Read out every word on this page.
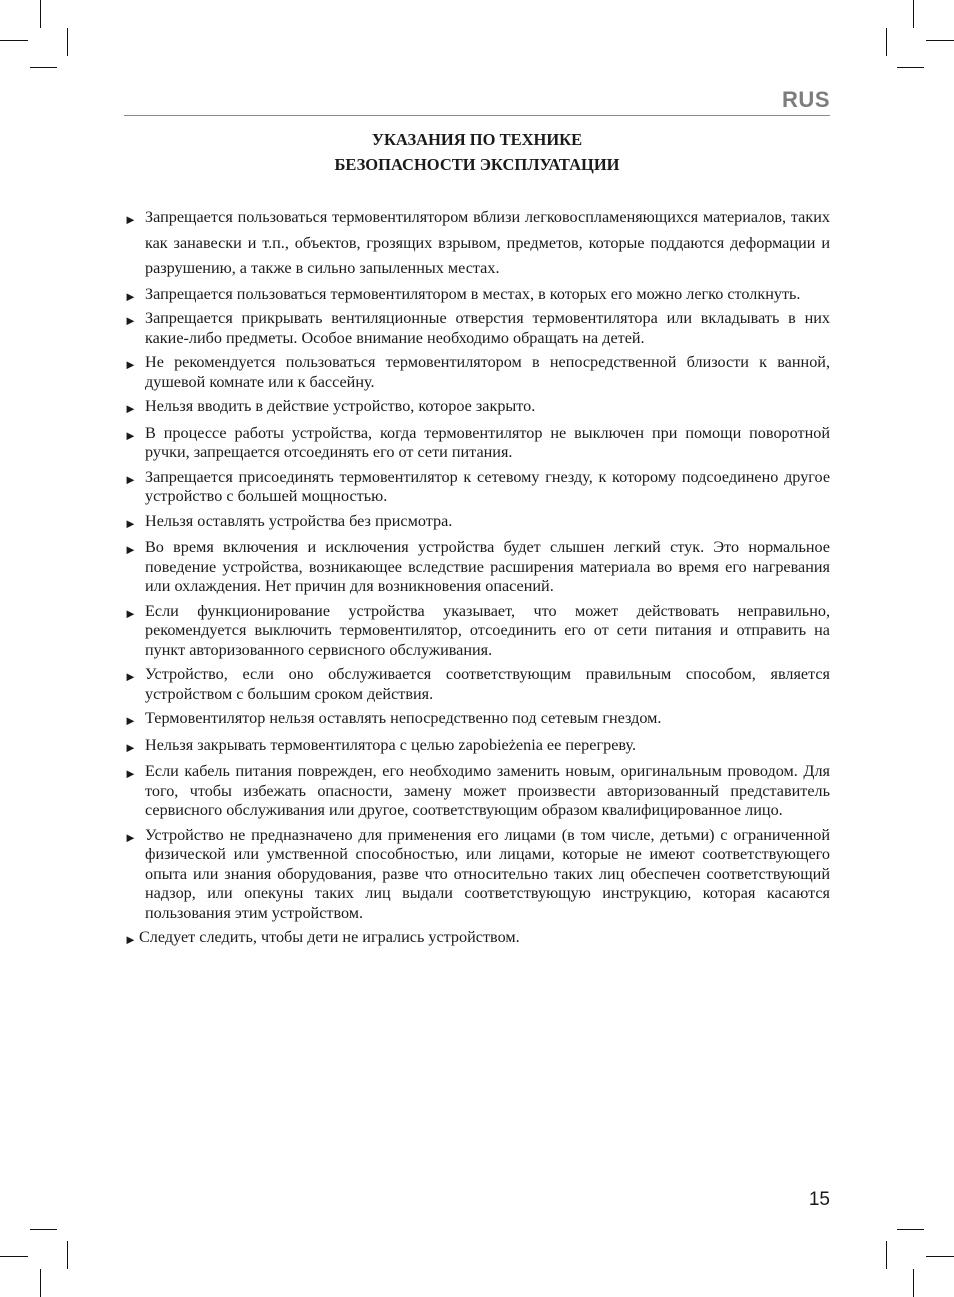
RUS
УКАЗАНИЯ ПО ТЕХНИКЕ
БЕЗОПАСНОСТИ ЭКСПЛУАТАЦИИ
► Запрещается пользоваться термовентилятором вблизи легковоспламеняющихся материалов, таких как занавески и т.п., объектов, грозящих взрывом, предметов, которые поддаются деформации и разрушению, а также в сильно запыленных местах.
► Запрещается пользоваться термовентилятором в местах, в которых его можно легко столкнуть.
► Запрещается прикрывать вентиляционные отверстия термовентилятора или вкладывать в них какие-либо предметы. Особое внимание необходимо обращать на детей.
► Не рекомендуется пользоваться термовентилятором в непосредственной близости к ванной, душевой комнате или к бассейну.
► Нельзя вводить в действие устройство, которое закрыто.
► В процессе работы устройства, когда термовентилятор не выключен при помощи поворотной ручки, запрещается отсоединять его от сети питания.
► Запрещается присоединять термовентилятор к сетевому гнезду, к которому подсоединено другое устройство с большей мощностью.
► Нельзя оставлять устройства без присмотра.
► Во время включения и исключения устройства будет слышен легкий стук. Это нормальное поведение устройства, возникающее вследствие расширения материала во время его нагревания или охлаждения. Нет причин для возникновения опасений.
► Если функционирование устройства указывает, что может действовать неправильно, рекомендуется выключить термовентилятор, отсоединить его от сети питания и отправить на пункт авторизованного сервисного обслуживания.
► Устройство, если оно обслуживается соответствующим правильным способом, является устройством с большим сроком действия.
► Термовентилятор нельзя оставлять непосредственно под сетевым гнездом.
► Нельзя закрывать термовентилятора с целью zapobieżenia ее перегреву.
► Если кабель питания поврежден, его необходимо заменить новым, оригинальным проводом. Для того, чтобы избежать опасности, замену может произвести авторизованный представитель сервисного обслуживания или другое, соответствующим образом квалифицированное лицо.
► Устройство не предназначено для применения его лицами (в том числе, детьми) с ограниченной физической или умственной способностью, или лицами, которые не имеют соответствующего опыта или знания оборудования, разве что относительно таких лиц обеспечен соответствующий надзор, или опекуны таких лиц выдали соответствующую инструкцию, которая касаются пользования этим устройством.
► Следует следить, чтобы дети не игрались устройством.
15
